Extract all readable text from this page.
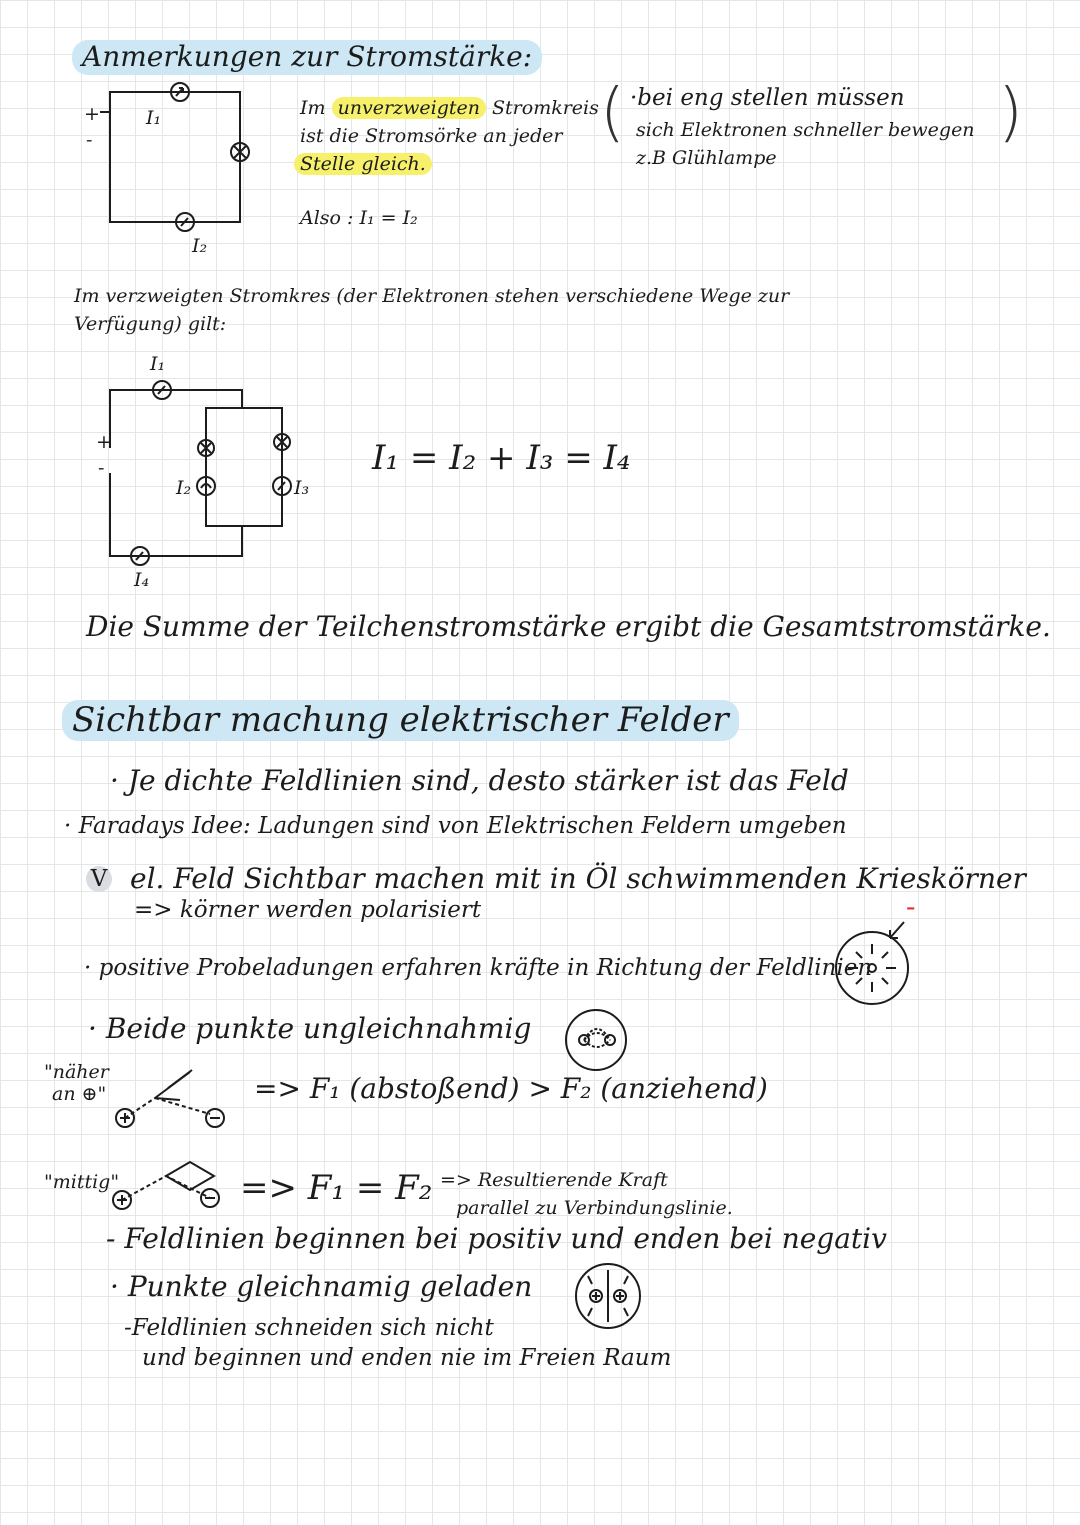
Anmerkungen zur Stromstärke:
+
-
I₁
I₂
Im unverzweigten Stromkreis
ist die Stromsörke an jeder
Stelle gleich.
Also : I₁ = I₂
( ·bei eng stellen müssen
sich Elektronen schneller bewegen
z.B Glühlampe
)
Im verzweigten Stromkres (der Elektronen stehen verschiedene Wege zur
Verfügung) gilt:
+
-
I₁
I₂	I₃
I₄
I₁ = I₂ + I₃ = I₄
Die Summe der Teilchenstromstärke ergibt die Gesamtstromstärke.
Sichtbar machung elektrischer Felder
· Je dichte Feldlinien sind, desto stärker ist das Feld
· Faradays Idee: Ladungen sind von Elektrischen Feldern umgeben
V el. Feld Sichtbar machen mit in Öl schwimmenden Krieskörner
=> körner werden polarisiert	-
· positive Probeladungen erfahren kräfte in Richtung der Feldlinien
· Beide punkte ungleichnahmig
"näher
an ⊕"	=> F₁ (abstoßend) > F₂ (anziehend)
"mittig"	=> F₁ = F₂ => Resultierende Kraft
parallel zu Verbindungslinie.
- Feldlinien beginnen bei positiv und enden bei negativ
· Punkte gleichnamig geladen
-Feldlinien schneiden sich nicht
und beginnen und enden nie im Freien Raum
